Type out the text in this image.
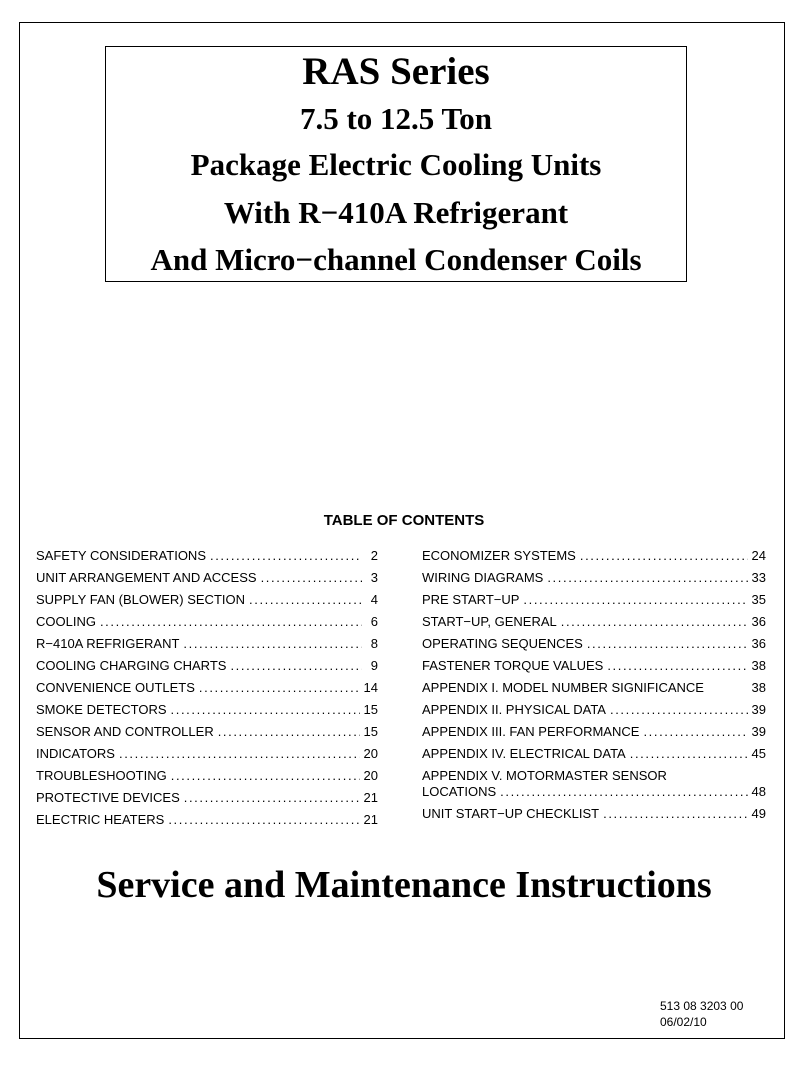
RAS Series
7.5 to 12.5 Ton
Package Electric Cooling Units
With R−410A Refrigerant
And Micro−channel Condenser Coils
TABLE OF CONTENTS
SAFETY CONSIDERATIONS .....	2
UNIT ARRANGEMENT AND ACCESS .....	3
SUPPLY FAN (BLOWER) SECTION .....	4
COOLING .....	6
R−410A REFRIGERANT .....	8
COOLING CHARGING CHARTS .....	9
CONVENIENCE OUTLETS .....	14
SMOKE DETECTORS .....	15
SENSOR AND CONTROLLER .....	15
INDICATORS .....	20
TROUBLESHOOTING .....	20
PROTECTIVE DEVICES .....	21
ELECTRIC HEATERS .....	21
ECONOMIZER SYSTEMS .....	24
WIRING DIAGRAMS .....	33
PRE START−UP .....	35
START−UP, GENERAL .....	36
OPERATING SEQUENCES .....	36
FASTENER TORQUE VALUES .....	38
APPENDIX I. MODEL NUMBER SIGNIFICANCE	38
APPENDIX II. PHYSICAL DATA .....	39
APPENDIX III. FAN PERFORMANCE .....	39
APPENDIX IV. ELECTRICAL DATA .....	45
APPENDIX V. MOTORMASTER SENSOR
LOCATIONS .....	48
UNIT START−UP CHECKLIST .....	49
Service and Maintenance Instructions
513 08 3203 00
06/02/10
